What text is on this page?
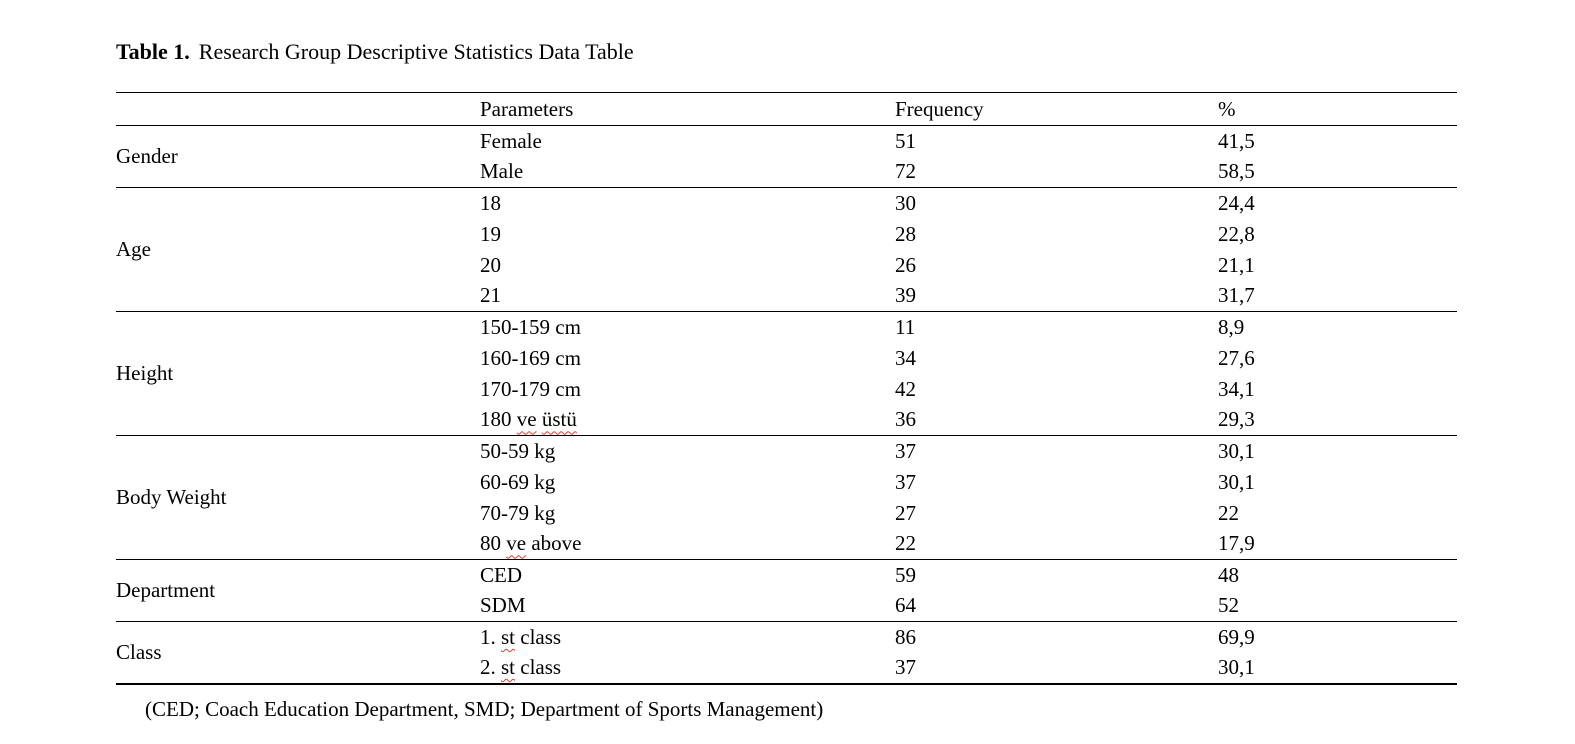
Table 1. Research Group Descriptive Statistics Data Table
	Parameters	Frequency	%
Gender	Female	51	41,5
	Male	72	58,5
Age	18	30	24,4
	19	28	22,8
	20	26	21,1
	21	39	31,7
Height	150-159 cm	11	8,9
	160-169 cm	34	27,6
	170-179 cm	42	34,1
	180 ve üstü	36	29,3
Body Weight	50-59 kg	37	30,1
	60-69 kg	37	30,1
	70-79 kg	27	22
	80 ve above	22	17,9
Department	CED	59	48
	SDM	64	52
Class	1. st class	86	69,9
	2. st class	37	30,1
(CED; Coach Education Department, SMD; Department of Sports Management)
